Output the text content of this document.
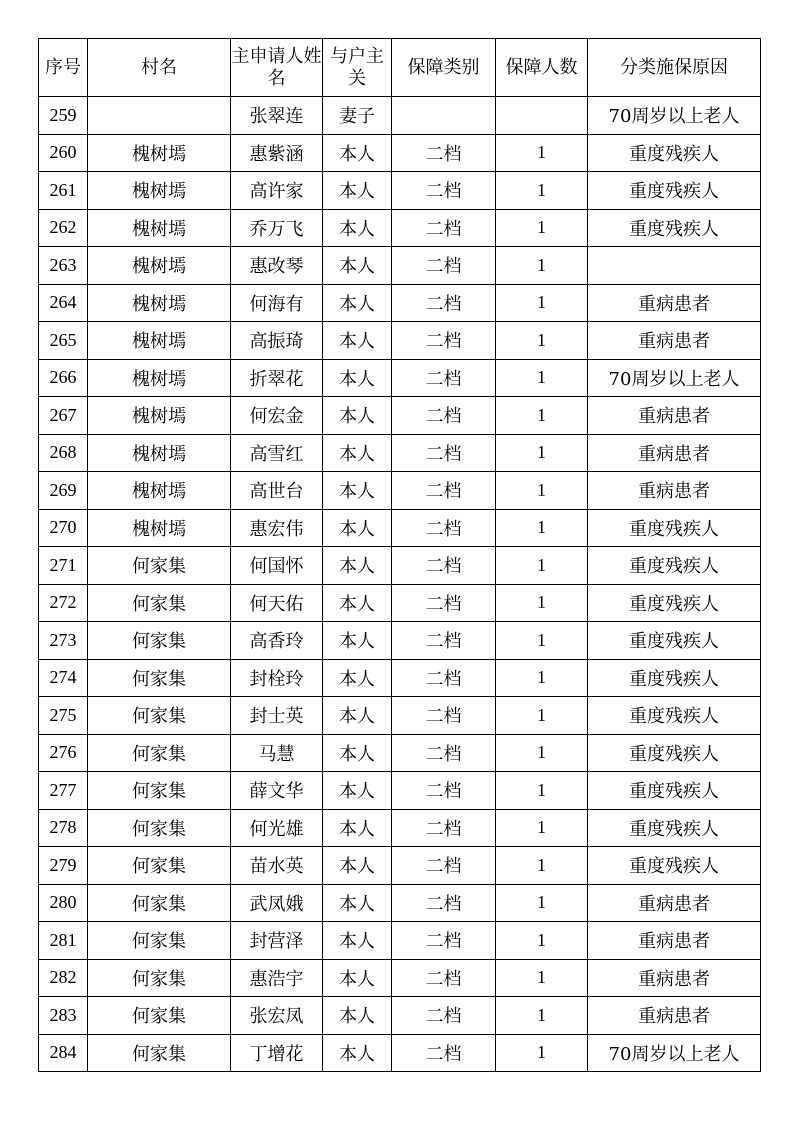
序号	村名	主申请人姓名	与户主关	保障类别	保障人数	分类施保原因
259		张翠连	妻子			70周岁以上老人
260	槐树墕	惠紫涵	本人	二档	1	重度残疾人
261	槐树墕	高许家	本人	二档	1	重度残疾人
262	槐树墕	乔万飞	本人	二档	1	重度残疾人
263	槐树墕	惠改琴	本人	二档	1	
264	槐树墕	何海有	本人	二档	1	重病患者
265	槐树墕	高振琦	本人	二档	1	重病患者
266	槐树墕	折翠花	本人	二档	1	70周岁以上老人
267	槐树墕	何宏金	本人	二档	1	重病患者
268	槐树墕	高雪红	本人	二档	1	重病患者
269	槐树墕	高世台	本人	二档	1	重病患者
270	槐树墕	惠宏伟	本人	二档	1	重度残疾人
271	何家集	何国怀	本人	二档	1	重度残疾人
272	何家集	何天佑	本人	二档	1	重度残疾人
273	何家集	高香玲	本人	二档	1	重度残疾人
274	何家集	封栓玲	本人	二档	1	重度残疾人
275	何家集	封士英	本人	二档	1	重度残疾人
276	何家集	马慧	本人	二档	1	重度残疾人
277	何家集	薛文华	本人	二档	1	重度残疾人
278	何家集	何光雄	本人	二档	1	重度残疾人
279	何家集	苗水英	本人	二档	1	重度残疾人
280	何家集	武凤娥	本人	二档	1	重病患者
281	何家集	封营泽	本人	二档	1	重病患者
282	何家集	惠浩宇	本人	二档	1	重病患者
283	何家集	张宏凤	本人	二档	1	重病患者
284	何家集	丁增花	本人	二档	1	70周岁以上老人
